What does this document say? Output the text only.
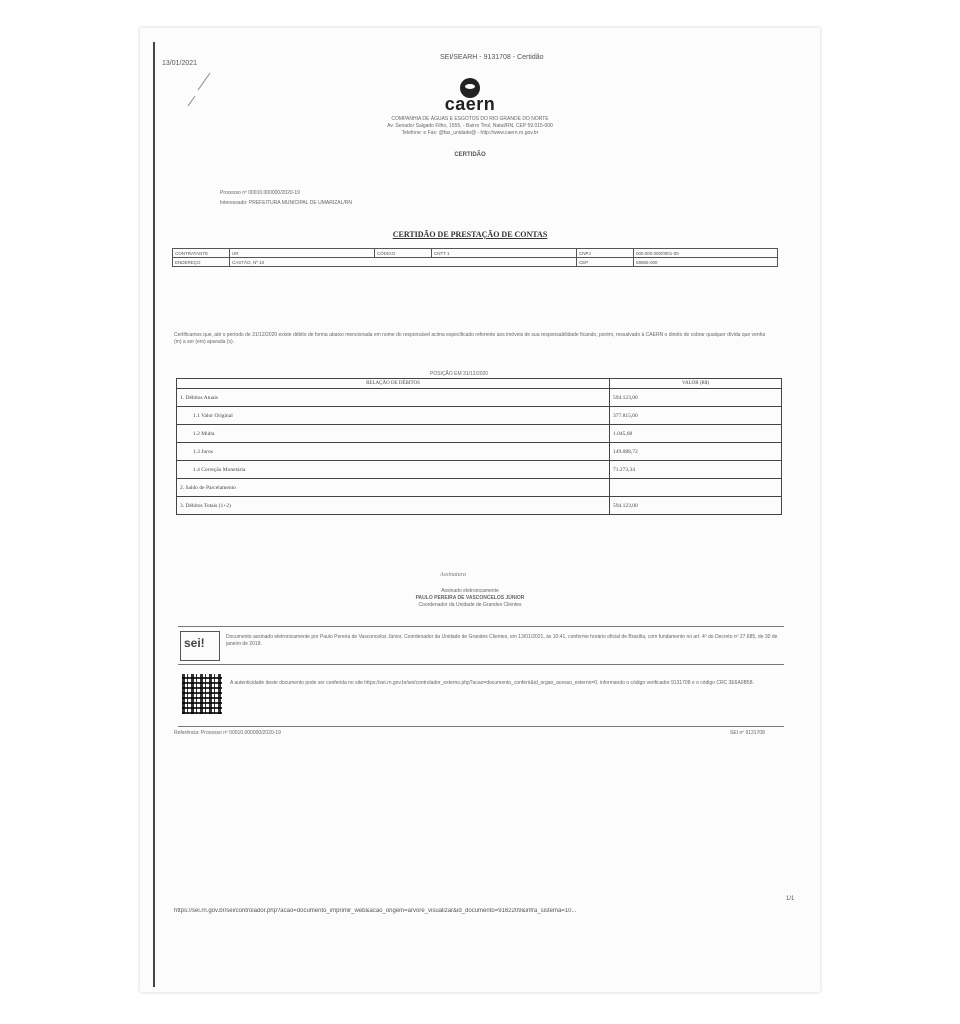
13/01/2021
SEI/SEARH - 9131708 - Certidão
caern
COMPANHIA DE ÁGUAS E ESGOTOS DO RIO GRANDE DO NORTE
Av. Senador Salgado Filho, 1555, - Bairro Tirol, Natal/RN, CEP 59.015-000
Telefone: e Fax: @fax_unidade@ - http://www.caern.rn.gov.br
CERTIDÃO
Processo nº 00010.000000/2020-19
Interessado: PREFEITURA MUNICIPAL DE UMARIZAL/RN
CERTIDÃO DE PRESTAÇÃO DE CONTAS
CONTRATANTE	UR	CÓDIGO	CNTT 1	CNPJ	000.000.000/0001-00
ENDEREÇO	CASTÃO, Nº 10			CEP	59865-000
Certificamos que, até o período de 31/12/2020 existe débito de forma abaixo mencionada em nome do responsável acima especificado referente aos imóveis de sua responsabilidade ficando, porém, ressalvado à CAERN o direito de cobrar qualquer dívida que venha (m) a ser (em) apurada (s).
POSIÇÃO EM 31/12/2020
RELAÇÃO DE DÉBITOS	VALOR (R$)
1. Débitos Atuais	594.123,00
1.1 Valor Original	377.815,00
1.2 Multa	1.045,68
1.3 Juros	149.088,72
1.4 Correção Monetária	71.273,34
2. Saldo de Parcelamento	
3. Débitos Totais (1+2)	594.123,00
Assinatura
Assinado eletronicamente
PAULO PEREIRA DE VASCONCELOS JÚNIOR
Coordenador da Unidade de Grandes Clientes
sei!	Documento assinado eletronicamente por Paulo Pereira de Vasconcelos Júnior, Coordenador da Unidade de Grandes Clientes, em 13/01/2021, às 10:41, conforme horário oficial de Brasília, com fundamento no art. 4º do Decreto nº 27.685, de 30 de janeiro de 2018.
A autenticidade deste documento pode ser conferida no site https://sei.rn.gov.br/sei/controlador_externo.php?acao=documento_conferir&id_orgao_acesso_externo=0, informando o código verificador 9131708 e o código CRC 3E6A0B58.
Referência: Processo nº 00010.000000/2020-19	SEI nº 9131708
https://sei.rn.gov.br/sei/controlador.php?acao=documento_imprimir_web&acao_origem=arvore_visualizar&id_documento=9162209&infra_sistema=10...
1/1
